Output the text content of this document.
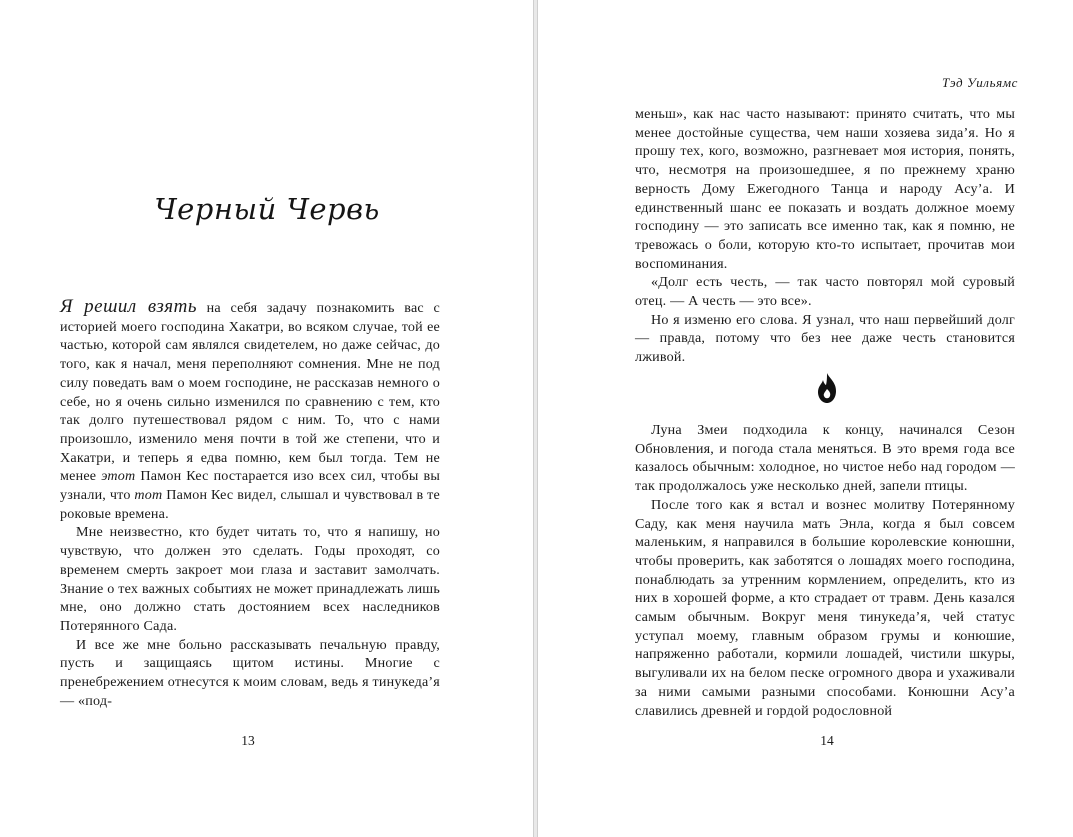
Черный Червь

Я решил взять на себя задачу познакомить вас с историей моего господина Хакатри, во всяком случае, той ее частью, которой сам являлся свидетелем, но даже сейчас, до того, как я начал, меня переполняют сомнения. Мне не под силу поведать вам о моем господине, не рассказав немного о себе, но я очень сильно изменился по сравнению с тем, кто так долго путешествовал рядом с ним. То, что с нами произошло, изменило меня почти в той же степени, что и Хакатри, и теперь я едва помню, кем был тогда. Тем не менее этот Памон Кес постарается изо всех сил, чтобы вы узнали, что тот Памон Кес видел, слышал и чувствовал в те роковые времена.

Мне неизвестно, кто будет читать то, что я напишу, но чувствую, что должен это сделать. Годы проходят, со временем смерть закроет мои глаза и заставит замолчать. Знание о тех важных событиях не может принадлежать лишь мне, оно должно стать достоянием всех наследников Потерянного Сада.

И все же мне больно рассказывать печальную правду, пусть и защищаясь щитом истины. Многие с пренебрежением отнесутся к моим словам, ведь я тинукеда’я — «под-

13
Тэд Уильямс

меньш», как нас часто называют: принято считать, что мы менее достойные существа, чем наши хозяева зида’я. Но я прошу тех, кого, возможно, разгневает моя история, понять, что, несмотря на произошедшее, я по прежнему храню верность Дому Ежегодного Танца и народу Асу’а. И единственный шанс ее показать и воздать должное моему господину — это записать все именно так, как я помню, не тревожась о боли, которую кто-то испытает, прочитав мои воспоминания.

«Долг есть честь, — так часто повторял мой суровый отец. — А честь — это все».

Но я изменю его слова. Я узнал, что наш первейший долг — правда, потому что без нее даже честь становится лживой.

Луна Змеи подходила к концу, начинался Сезон Обновления, и погода стала меняться. В это время года все казалось обычным: холодное, но чистое небо над городом — так продолжалось уже несколько дней, запели птицы.

После того как я встал и вознес молитву Потерянному Саду, как меня научила мать Энла, когда я был совсем маленьким, я направился в большие королевские конюшни, чтобы проверить, как заботятся о лошадях моего господина, понаблюдать за утренним кормлением, определить, кто из них в хорошей форме, а кто страдает от травм. День казался самым обычным. Вокруг меня тинукеда’я, чей статус уступал моему, главным образом грумы и конюшие, напряженно работали, кормили лошадей, чистили шкуры, выгуливали их на белом песке огромного двора и ухаживали за ними самыми разными способами. Конюшни Асу’а славились древней и гордой родословной

14
